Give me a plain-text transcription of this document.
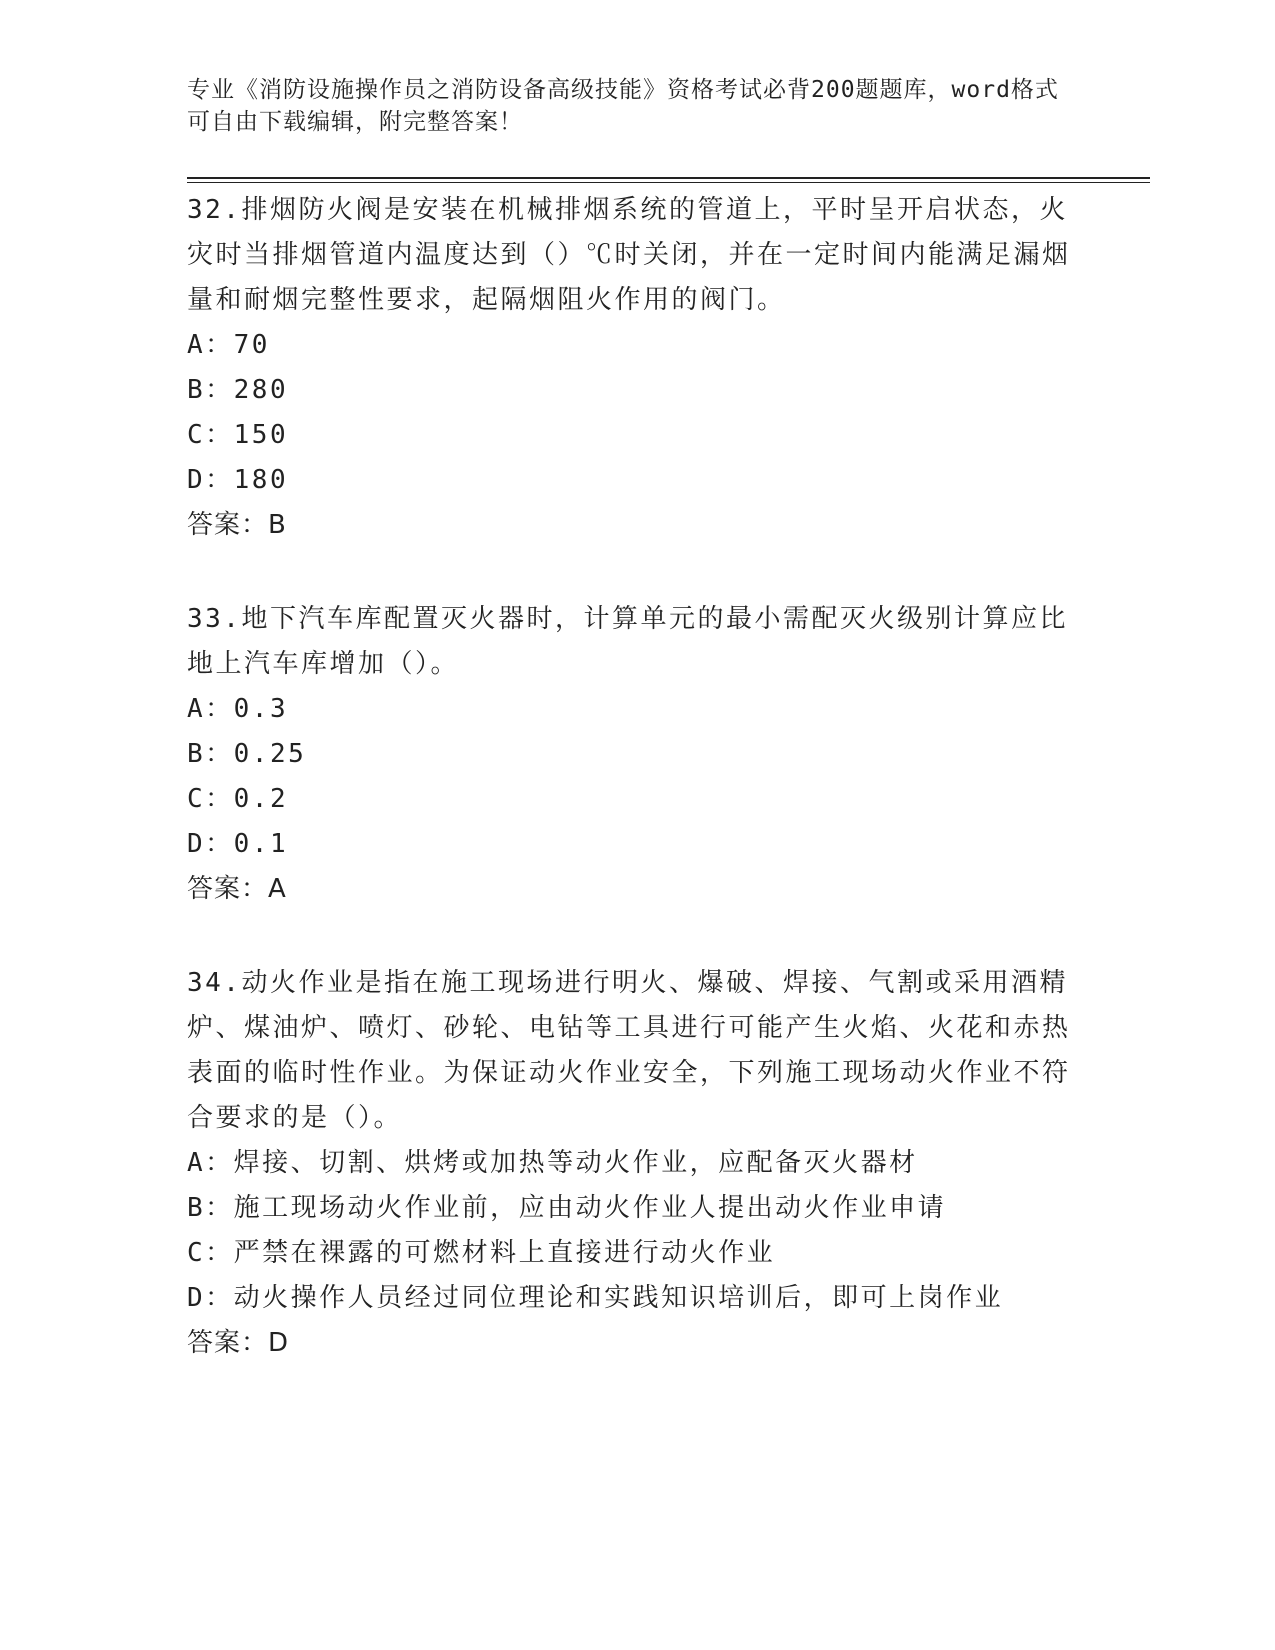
专业《消防设施操作员之消防设备高级技能》资格考试必背200题题库，word格式可自由下载编辑，附完整答案！

32.排烟防火阀是安装在机械排烟系统的管道上，平时呈开启状态，火灾时当排烟管道内温度达到（）℃时关闭，并在一定时间内能满足漏烟量和耐烟完整性要求，起隔烟阻火作用的阀门。

A：70
B：280
C：150
D：180

答案：B

33.地下汽车库配置灭火器时，计算单元的最小需配灭火级别计算应比地上汽车库增加（）。

A：0.3
B：0.25
C：0.2
D：0.1

答案：A

34.动火作业是指在施工现场进行明火、爆破、焊接、气割或采用酒精炉、煤油炉、喷灯、砂轮、电钻等工具进行可能产生火焰、火花和赤热表面的临时性作业。为保证动火作业安全，下列施工现场动火作业不符合要求的是（）。

A：焊接、切割、烘烤或加热等动火作业，应配备灭火器材
B：施工现场动火作业前，应由动火作业人提出动火作业申请
C：严禁在裸露的可燃材料上直接进行动火作业
D：动火操作人员经过同位理论和实践知识培训后，即可上岗作业

答案：D
